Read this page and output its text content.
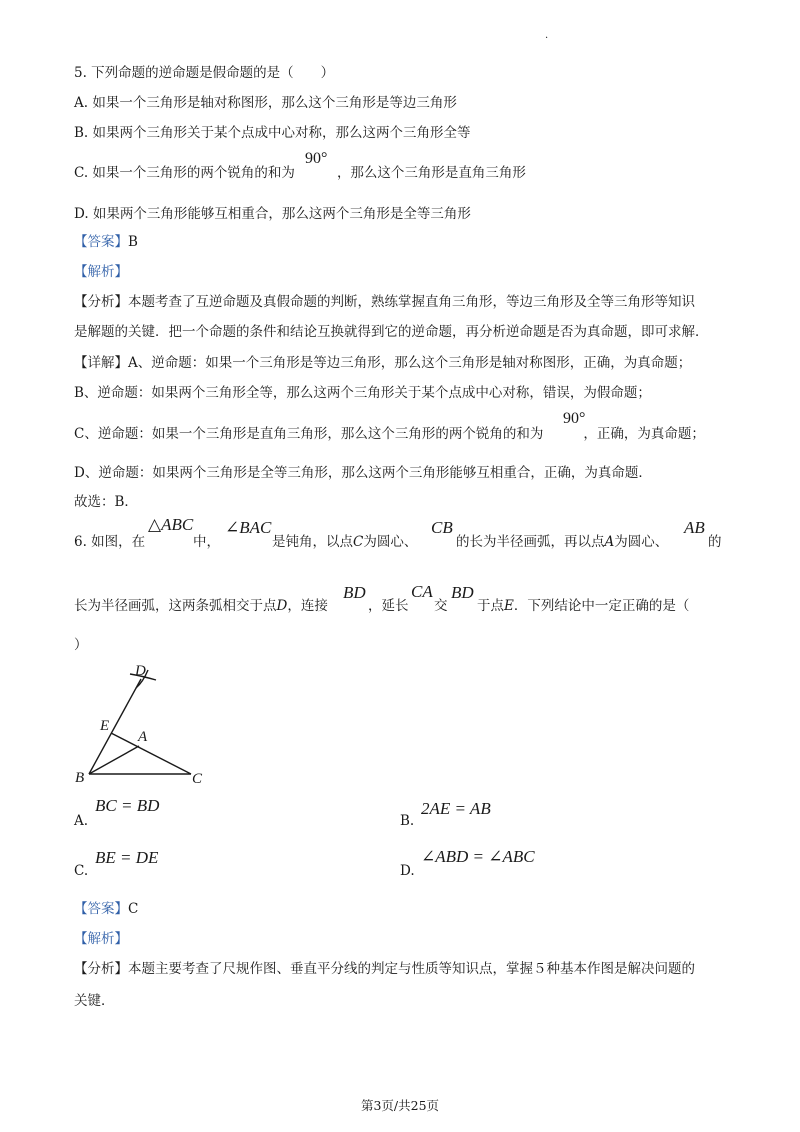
.
5. 下列命题的逆命题是假命题的是（　　）
A. 如果一个三角形是轴对称图形，那么这个三角形是等边三角形
B. 如果两个三角形关于某个点成中心对称，那么这两个三角形全等
C. 如果一个三角形的两个锐角的和为	，那么这个三角形是直角三角形
90°
D. 如果两个三角形能够互相重合，那么这两个三角形是全等三角形
【答案】B
【解析】
【分析】本题考查了互逆命题及真假命题的判断，熟练掌握直角三角形，等边三角形及全等三角形等知识
是解题的关键．把一个命题的条件和结论互换就得到它的逆命题，再分析逆命题是否为真命题，即可求解．
【详解】A、逆命题：如果一个三角形是等边三角形，那么这个三角形是轴对称图形，正确，为真命题；
B、逆命题：如果两个三角形全等，那么这两个三角形关于某个点成中心对称，错误，为假命题；
C、逆命题：如果一个三角形是直角三角形，那么这个三角形的两个锐角的和为	，正确，为真命题；
90°
D、逆命题：如果两个三角形是全等三角形，那么这两个三角形能够互相重合，正确，为真命题．
故选：B．
6. 如图，在
△ABC
中，
∠BAC
是钝角，以点C为圆心、
CB
的长为半径画弧，再以点A为圆心、
AB
的
长为半径画弧，这两条弧相交于点D，连接
BD
，延长
CA
交
BD
于点E．下列结论中一定正确的是（
）
D
E
A
B	C
A.
BC = BD
B.
2AE = AB
C.
BE = DE
D.
∠ABD = ∠ABC
【答案】C
【解析】
【分析】本题主要考查了尺规作图、垂直平分线的判定与性质等知识点，掌握５种基本作图是解决问题的
关键．
第3页/共25页
